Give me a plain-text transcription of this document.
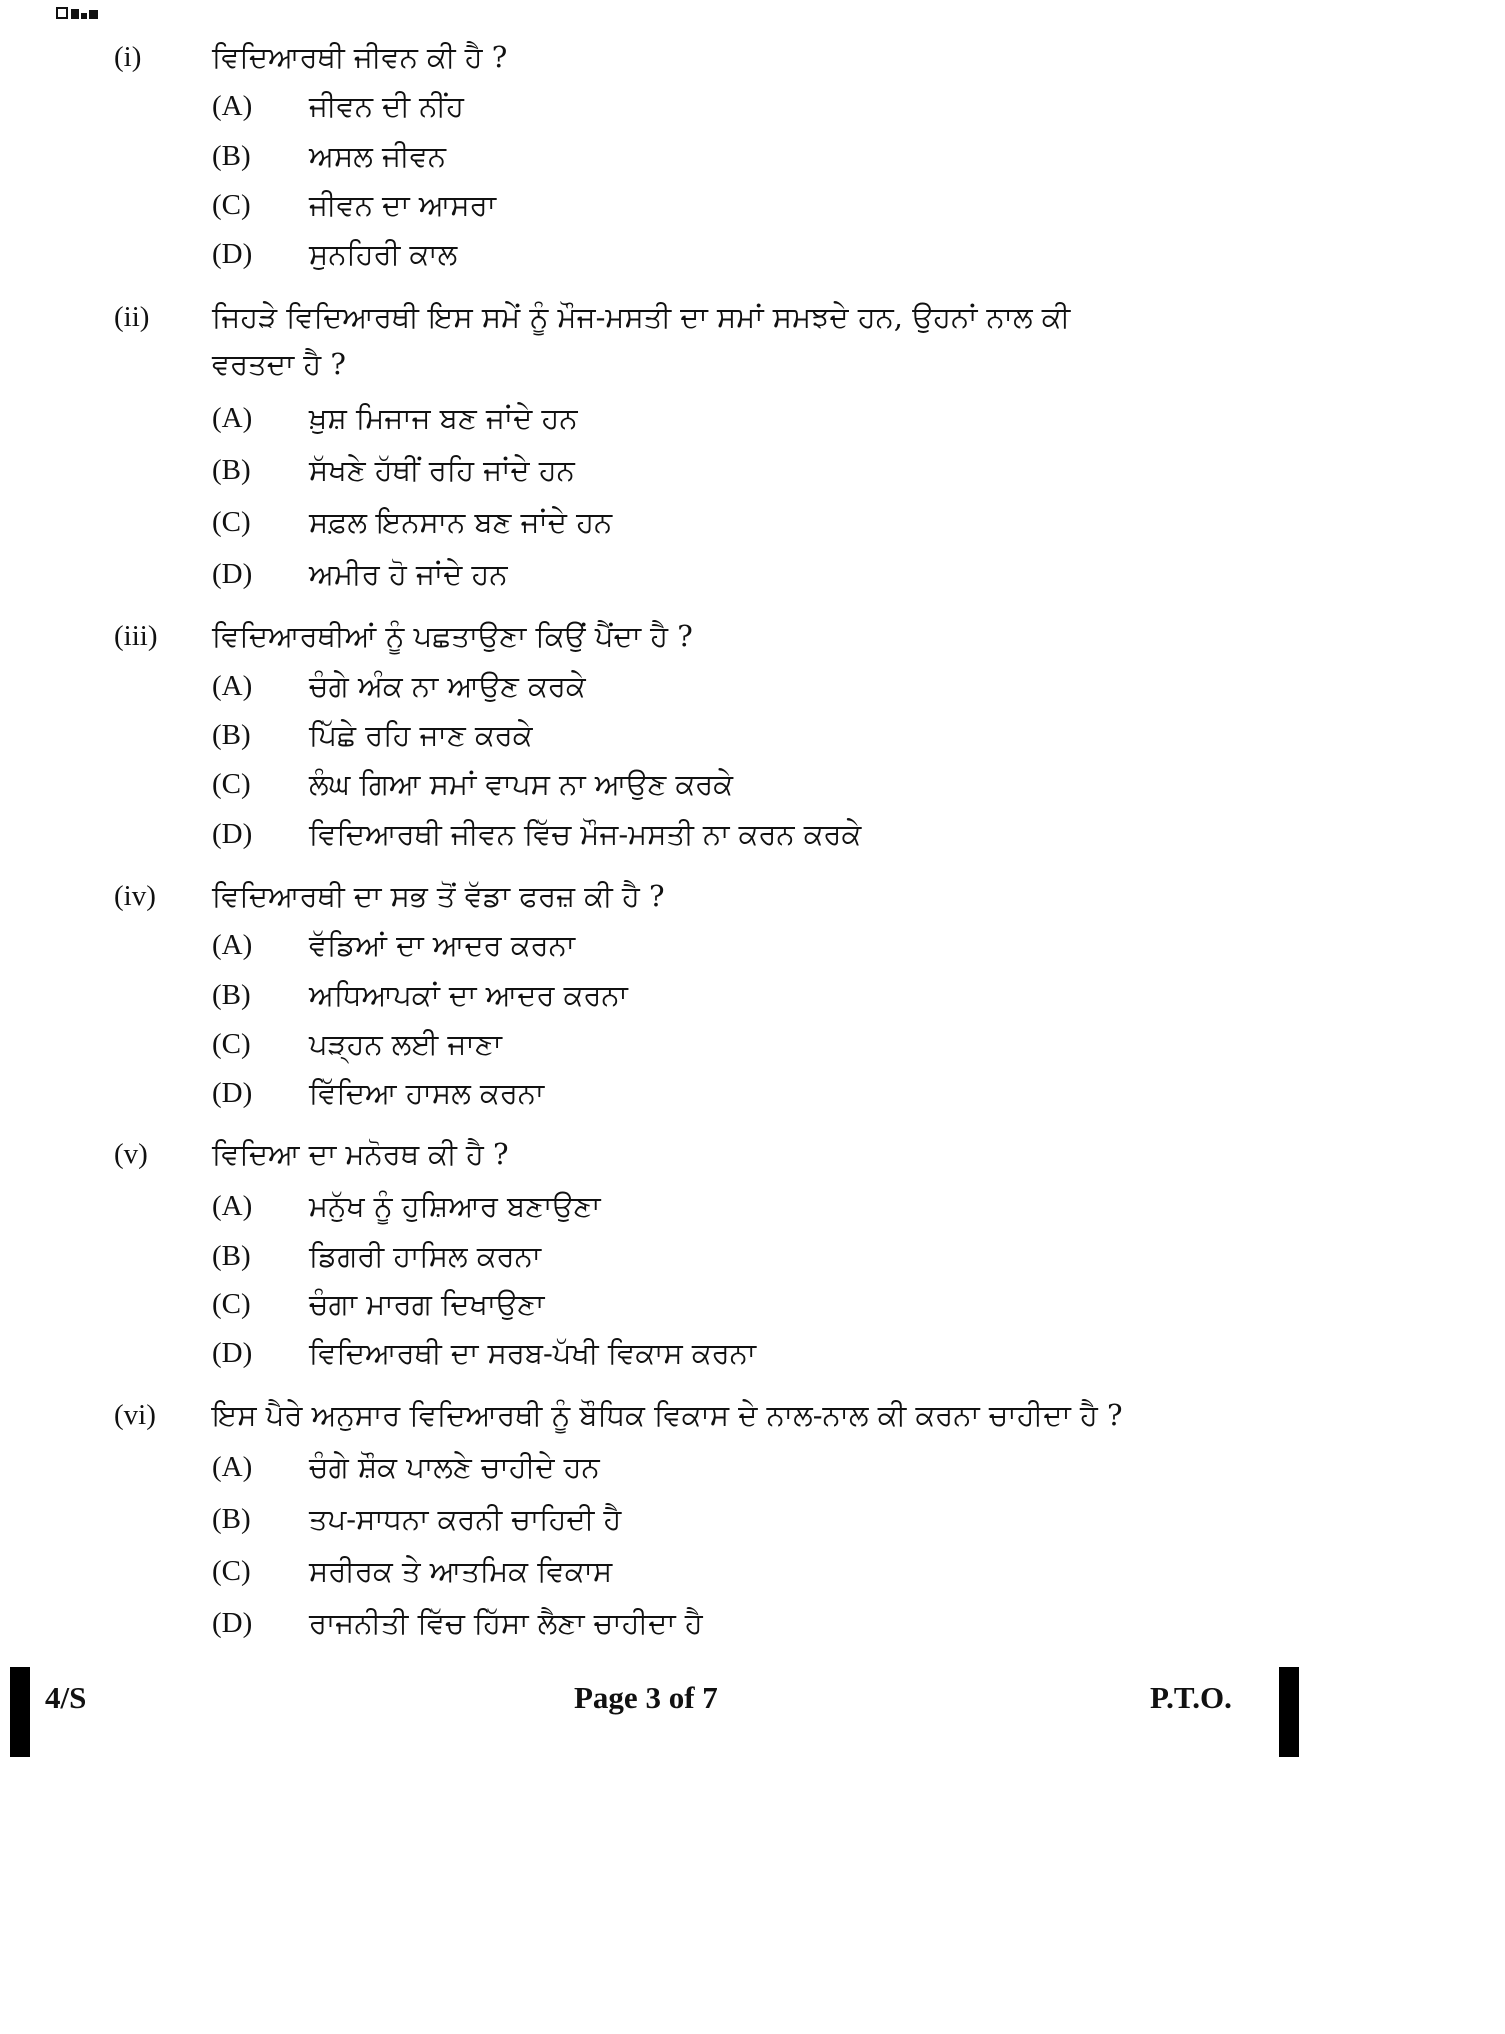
(i) ਵਿਦਿਆਰਥੀ ਜੀਵਨ ਕੀ ਹੈ ?
(A) ਜੀਵਨ ਦੀ ਨੀਂਹ
(B) ਅਸਲ ਜੀਵਨ
(C) ਜੀਵਨ ਦਾ ਆਸਰਾ
(D) ਸੁਨਹਿਰੀ ਕਾਲ
(ii) ਜਿਹੜੇ ਵਿਦਿਆਰਥੀ ਇਸ ਸਮੇਂ ਨੂੰ ਮੌਜ-ਮਸਤੀ ਦਾ ਸਮਾਂ ਸਮਝਦੇ ਹਨ, ਉਹਨਾਂ ਨਾਲ ਕੀ
ਵਰਤਦਾ ਹੈ ?
(A) ਖ਼ੁਸ਼ ਮਿਜਾਜ ਬਣ ਜਾਂਦੇ ਹਨ
(B) ਸੱਖਣੇ ਹੱਥੀਂ ਰਹਿ ਜਾਂਦੇ ਹਨ
(C) ਸਫ਼ਲ ਇਨਸਾਨ ਬਣ ਜਾਂਦੇ ਹਨ
(D) ਅਮੀਰ ਹੋ ਜਾਂਦੇ ਹਨ
(iii) ਵਿਦਿਆਰਥੀਆਂ ਨੂੰ ਪਛਤਾਉਣਾ ਕਿਉਂ ਪੈਂਦਾ ਹੈ ?
(A) ਚੰਗੇ ਅੰਕ ਨਾ ਆਉਣ ਕਰਕੇ
(B) ਪਿੱਛੇ ਰਹਿ ਜਾਣ ਕਰਕੇ
(C) ਲੰਘ ਗਿਆ ਸਮਾਂ ਵਾਪਸ ਨਾ ਆਉਣ ਕਰਕੇ
(D) ਵਿਦਿਆਰਥੀ ਜੀਵਨ ਵਿੱਚ ਮੌਜ-ਮਸਤੀ ਨਾ ਕਰਨ ਕਰਕੇ
(iv) ਵਿਦਿਆਰਥੀ ਦਾ ਸਭ ਤੋਂ ਵੱਡਾ ਫਰਜ਼ ਕੀ ਹੈ ?
(A) ਵੱਡਿਆਂ ਦਾ ਆਦਰ ਕਰਨਾ
(B) ਅਧਿਆਪਕਾਂ ਦਾ ਆਦਰ ਕਰਨਾ
(C) ਪੜ੍ਹਨ ਲਈ ਜਾਣਾ
(D) ਵਿੱਦਿਆ ਹਾਸਲ ਕਰਨਾ
(v) ਵਿਦਿਆ ਦਾ ਮਨੋਰਥ ਕੀ ਹੈ ?
(A) ਮਨੁੱਖ ਨੂੰ ਹੁਸ਼ਿਆਰ ਬਣਾਉਣਾ
(B) ਡਿਗਰੀ ਹਾਸਿਲ ਕਰਨਾ
(C) ਚੰਗਾ ਮਾਰਗ ਦਿਖਾਉਣਾ
(D) ਵਿਦਿਆਰਥੀ ਦਾ ਸਰਬ-ਪੱਖੀ ਵਿਕਾਸ ਕਰਨਾ
(vi) ਇਸ ਪੈਰੇ ਅਨੁਸਾਰ ਵਿਦਿਆਰਥੀ ਨੂੰ ਬੌਧਿਕ ਵਿਕਾਸ ਦੇ ਨਾਲ-ਨਾਲ ਕੀ ਕਰਨਾ ਚਾਹੀਦਾ ਹੈ ?
(A) ਚੰਗੇ ਸ਼ੌਕ ਪਾਲਣੇ ਚਾਹੀਦੇ ਹਨ
(B) ਤਪ-ਸਾਧਨਾ ਕਰਨੀ ਚਾਹਿਦੀ ਹੈ
(C) ਸਰੀਰਕ ਤੇ ਆਤਮਿਕ ਵਿਕਾਸ
(D) ਰਾਜਨੀਤੀ ਵਿੱਚ ਹਿੱਸਾ ਲੈਣਾ ਚਾਹੀਦਾ ਹੈ
4/S	Page 3 of 7	P.T.O.
